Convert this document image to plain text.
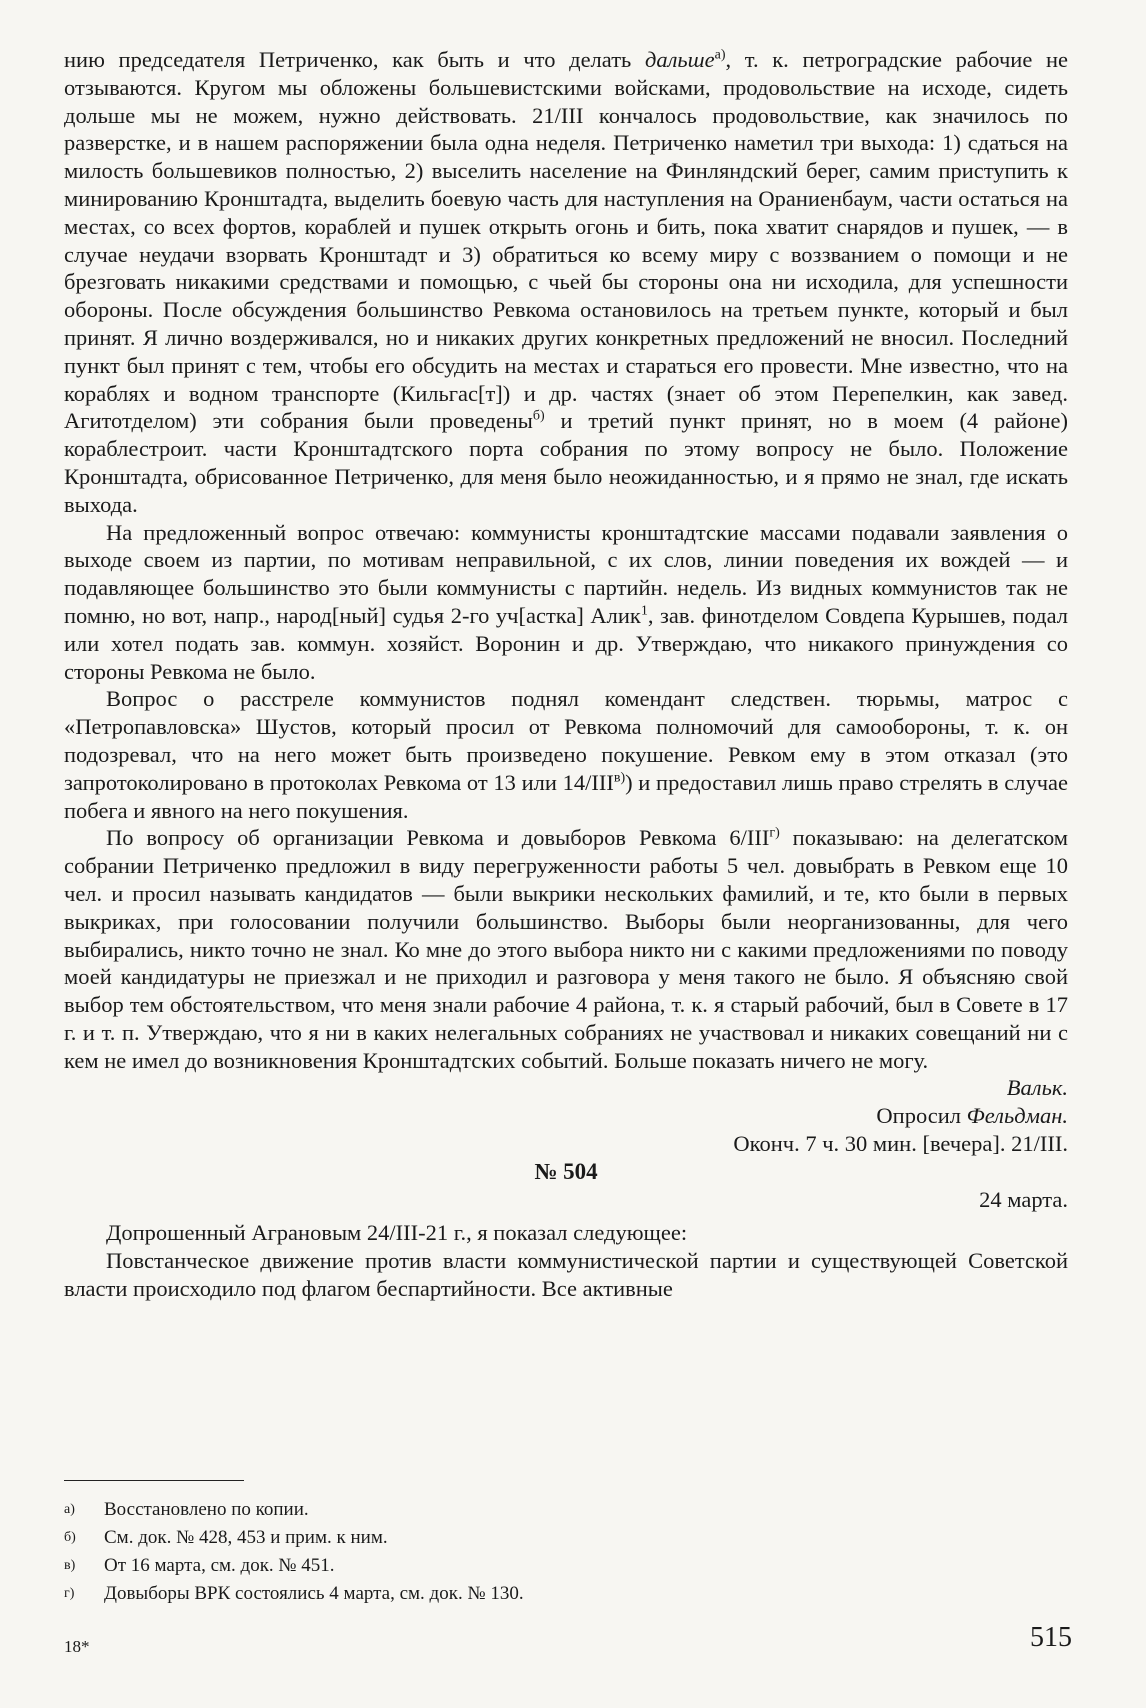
нию председателя Петриченко, как быть и что делать дальше$^{а)}$, т. к. петроградские рабочие не отзываются. Кругом мы обложены большевистскими войсками, продовольствие на исходе, сидеть дольше мы не можем, нужно действовать. 21/III кончалось продовольствие, как значилось по разверстке, и в нашем распоряжении была одна неделя. Петриченко наметил три выхода: 1) сдаться на милость большевиков полностью, 2) выселить население на Финляндский берег, самим приступить к минированию Кронштадта, выделить боевую часть для наступления на Ораниенбаум, части остаться на местах, со всех фортов, кораблей и пушек открыть огонь и бить, пока хватит снарядов и пушек, — в случае неудачи взорвать Кронштадт и 3) обратиться ко всему миру с воззванием о помощи и не брезговать никакими средствами и помощью, с чьей бы стороны она ни исходила, для успешности обороны. После обсуждения большинство Ревкома остановилось на третьем пункте, который и был принят. Я лично воздерживался, но и никаких других конкретных предложений не вносил. Последний пункт был принят с тем, чтобы его обсудить на местах и стараться его провести. Мне известно, что на кораблях и водном транспорте (Кильгас[т]) и др. частях (знает об этом Перепелкин, как завед. Агитотделом) эти собрания были проведены$^{б)}$ и третий пункт принят, но в моем (4 районе) кораблестроит. части Кронштадтского порта собрания по этому вопросу не было. Положение Кронштадта, обрисованное Петриченко, для меня было неожиданностью, и я прямо не знал, где искать выхода.

На предложенный вопрос отвечаю: коммунисты кронштадтские массами подавали заявления о выходе своем из партии, по мотивам неправильной, с их слов, линии поведения их вождей — и подавляющее большинство это были коммунисты с партийн. недель. Из видных коммунистов так не помню, но вот, напр., народ[ный] судья 2-го уч[астка] Алик$^1$, зав. финотделом Совдепа Курышев, подал или хотел подать зав. коммун. хозяйст. Воронин и др. Утверждаю, что никакого принуждения со стороны Ревкома не было.

Вопрос о расстреле коммунистов поднял комендант следствен. тюрьмы, матрос с «Петропавловска» Шустов, который просил от Ревкома полномочий для самообороны, т. к. он подозревал, что на него может быть произведено покушение. Ревком ему в этом отказал (это запротоколировано в протоколах Ревкома от 13 или $14/III^{в)}$) и предоставил лишь право стрелять в случае побега и явного на него покушения.

По вопросу об организации Ревкома и довыборов Ревкома $6/III^{г)}$ показываю: на делегатском собрании Петриченко предложил в виду перегруженности работы 5 чел. довыбрать в Ревком еще 10 чел. и просил называть кандидатов — были выкрики нескольких фамилий, и те, кто были в первых выкриках, при голосовании получили большинство. Выборы были неорганизованны, для чего выбирались, никто точно не знал. Ко мне до этого выбора никто ни с какими предложениями по поводу моей кандидатуры не приезжал и не приходил и разговора у меня такого не было. Я объясняю свой выбор тем обстоятельством, что меня знали рабочие 4 района, т. к. я старый рабочий, был в Совете в 17 г. и т. п. Утверждаю, что я ни в каких нелегальных собраниях не участвовал и никаких совещаний ни с кем не имел до возникновения Кронштадтских событий. Больше показать ничего не могу.

Вальк.

Опросил Фельдман.

Оконч. 7 ч. 30 мин. [вечера]. 21/III.

№ 504

24 марта.

Допрошенный Аграновым 24/III-21 г., я показал следующее:

Повстанческое движение против власти коммунистической партии и существующей Советской власти происходило под флагом беспартийности. Все активные

а)	Восстановлено по копии.
б)	См. док. № 428, 453 и прим. к ним.
в)	От 16 марта, см. док. № 451.
г)	Довыборы ВРК состоялись 4 марта, см. док. № 130.
18*	515
